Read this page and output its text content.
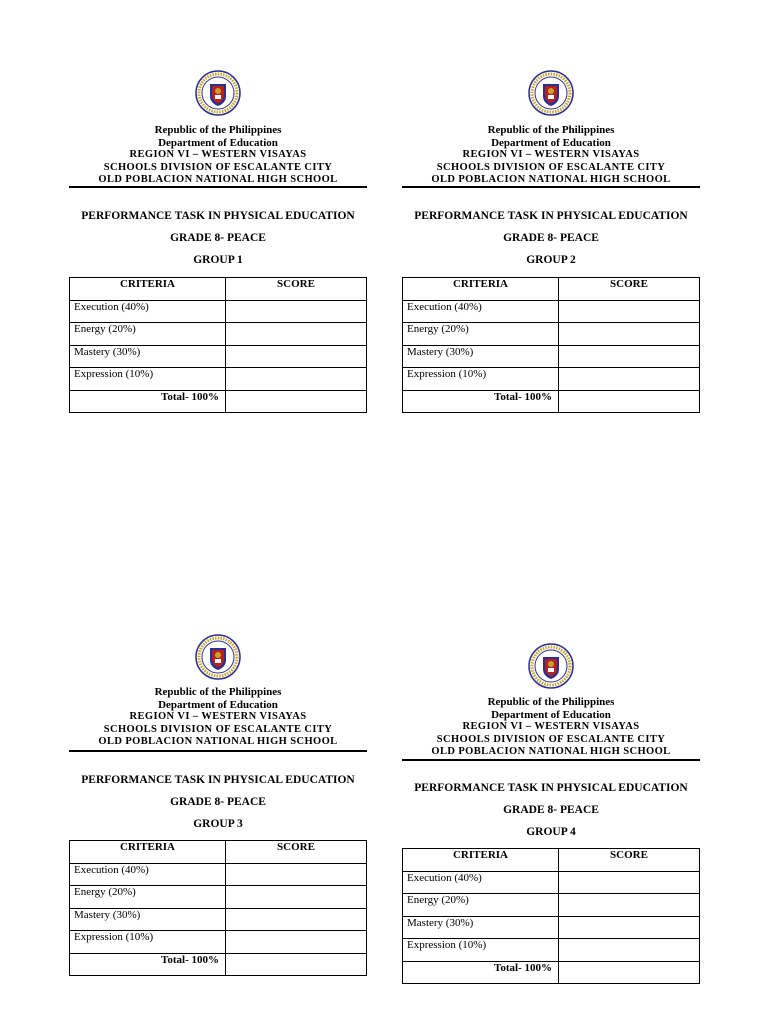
Republic of the Philippines
Department of Education
REGION VI – WESTERN VISAYAS
SCHOOLS DIVISION OF ESCALANTE CITY
OLD POBLACION NATIONAL HIGH SCHOOL
PERFORMANCE TASK IN PHYSICAL EDUCATION
GRADE 8- PEACE
GROUP 1
CRITERIA	SCORE
Execution (40%)	
Energy (20%)	
Mastery (30%)	
Expression (10%)	
Total- 100%	
Republic of the Philippines
Department of Education
REGION VI – WESTERN VISAYAS
SCHOOLS DIVISION OF ESCALANTE CITY
OLD POBLACION NATIONAL HIGH SCHOOL
PERFORMANCE TASK IN PHYSICAL EDUCATION
GRADE 8- PEACE
GROUP 2
CRITERIA	SCORE
Execution (40%)	
Energy (20%)	
Mastery (30%)	
Expression (10%)	
Total- 100%	
Republic of the Philippines
Department of Education
REGION VI – WESTERN VISAYAS
SCHOOLS DIVISION OF ESCALANTE CITY
OLD POBLACION NATIONAL HIGH SCHOOL
PERFORMANCE TASK IN PHYSICAL EDUCATION
GRADE 8- PEACE
GROUP 3
CRITERIA	SCORE
Execution (40%)	
Energy (20%)	
Mastery (30%)	
Expression (10%)	
Total- 100%	
Republic of the Philippines
Department of Education
REGION VI – WESTERN VISAYAS
SCHOOLS DIVISION OF ESCALANTE CITY
OLD POBLACION NATIONAL HIGH SCHOOL
PERFORMANCE TASK IN PHYSICAL EDUCATION
GRADE 8- PEACE
GROUP 4
CRITERIA	SCORE
Execution (40%)	
Energy (20%)	
Mastery (30%)	
Expression (10%)	
Total- 100%	
